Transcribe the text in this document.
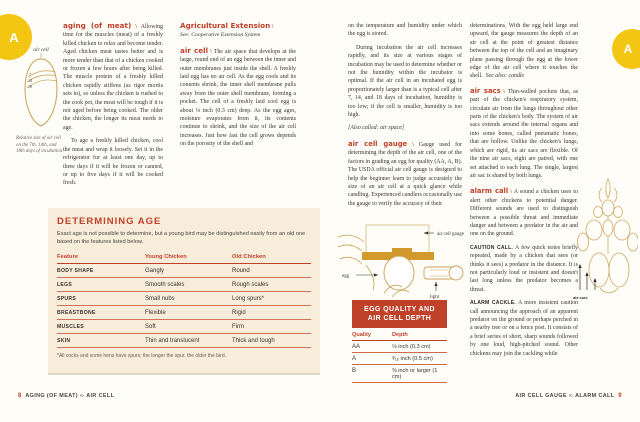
A
A
air cell
7
14
18
Relative size of air cell on the 7th, 14th, and 18th days of incubation.

aging (of meat) \ Allowing time for the muscles (meat) of a freshly killed chicken to relax and become tender. Aged chicken meat tastes better and is more tender than that of a chicken cooked or frozen a few hours after being killed. The muscle protein of a freshly killed chicken rapidly stiffens (as rigor mortis sets in), so unless the chicken is rushed to the cook pot, the meat will be tough if it is not aged before being cooked. The older the chicken, the longer its meat needs to age.

To age a freshly killed chicken, cool the meat and wrap it loosely. Set it in the refrigerator for at least one day, up to three days if it will be frozen or canned, or up to five days if it will be cooked fresh.

Agricultural Extension \
See: Cooperative Extension System

air cell \ The air space that develops at the large, round end of an egg between the inner and outer membranes just inside the shell. A freshly laid egg has no air cell. As the egg cools and its contents shrink, the inner shell membrane pulls away from the outer shell membrane, forming a pocket. The cell of a freshly laid cool egg is about ⅛ inch (0.3 cm) deep. As the egg ages, moisture evaporates from it, its contents continue to shrink, and the size of the air cell increases. Just how fast the cell grows depends on the porosity of the shell and

on the temperature and humidity under which the egg is stored.

During incubation the air cell increases rapidly, and its size at various stages of incubation may be used to determine whether or not the humidity within the incubator is optimal. If the air cell in an incubated egg is proportionately larger than is a typical cell after 7, 14, and 18 days of incubation, humidity is too low; if the cell is smaller, humidity is too high.

[Also called: air space]

air cell gauge \ Gauge used for determining the depth of the air cell, one of the factors in grading an egg for quality (AA, A, B). The USDA official air cell gauge is designed to help the beginner learn to judge accurately the size of an air cell at a quick glance while candling. Experienced candlers occasionally use the gauge to verify the accuracy of their

air cell gauge
egg
light
EGG QUALITY AND
AIR CELL DEPTH
Quality	Depth
AA	⅛ inch (0.3 cm)
A	³⁄₁₆ inch (0.5 cm)
B	⅜ inch or larger (1 cm)

determinations. With the egg held large end upward, the gauge measures the depth of an air cell at the point of greatest distance between the top of the cell and an imaginary plane passing through the egg at the lower edge of the air cell where it touches the shell. See also: candle

air sacs \ Thin-walled pockets that, as part of the chicken's respiratory system, circulate air from the lungs throughout other parts of the chicken's body. The system of air sacs extends around the internal organs and into some bones, called pneumatic bones, that are hollow. Unlike the chicken's lungs, which are rigid, its air sacs are flexible. Of the nine air sacs, eight are paired, with one set attached to each lung. The single, largest air sac is shared by both lungs.

alarm call \ A sound a chicken uses to alert other chickens to potential danger. Different sounds are used to distinguish between a possible threat and immediate danger and between a predator in the air and one on the ground.

CAUTION CALL. A few quick notes briefly repeated, made by a chicken that sees (or thinks it sees) a predator in the distance. It is not particularly loud or insistent and doesn't last long unless the predator becomes a threat.

ALARM CACKLE. A more insistent caution call announcing the approach of an apparent predator on the ground or perhaps perched in a nearby tree or on a fence post. It consists of a brief series of short, sharp sounds followed by one loud, high-pitched sound. Other chickens may join the cackling while

air sacs
DETERMINING AGE
Exact age is not possible to determine, but a young bird may be distinguished easily from an old one based on the features listed below.
Feature	Young Chicken	Old Chicken
BODY SHAPE	Gangly	Round
LEGS	Smooth scales	Rough scales
SPURS	Small nubs	Long spurs*
BREASTBONE	Flexible	Rigid
MUSCLES	Soft	Firm
SKIN	Thin and translucent	Thick and tough
*All cocks and some hens have spurs; the longer the spur, the older the bird.
8 AGING (OF MEAT) ∞ AIR CELL	AIR CELL GAUGE ∞ ALARM CALL 9
